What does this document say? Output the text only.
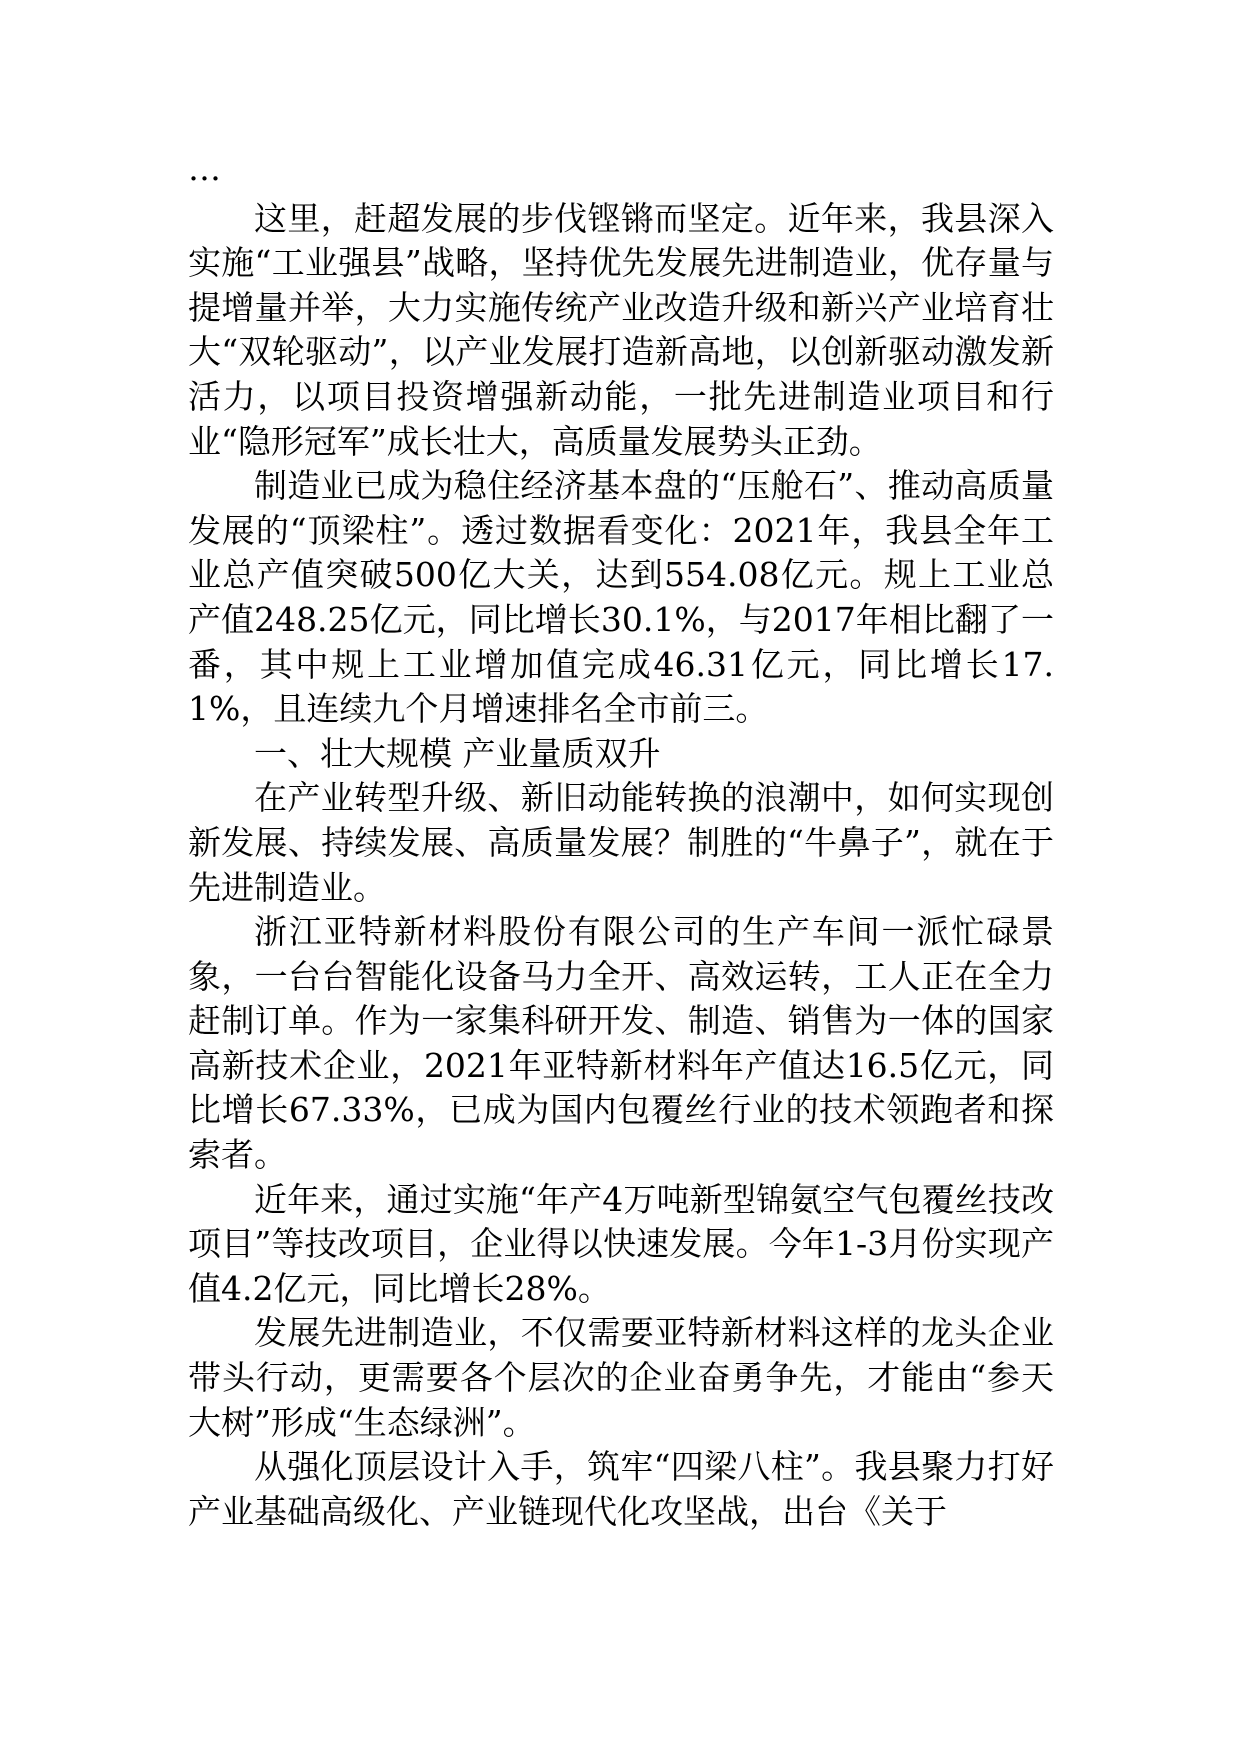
…

这里，赶超发展的步伐铿锵而坚定。近年来，我县深入实施“工业强县”战略，坚持优先发展先进制造业，优存量与提增量并举，大力实施传统产业改造升级和新兴产业培育壮大“双轮驱动”，以产业发展打造新高地，以创新驱动激发新活力，以项目投资增强新动能，一批先进制造业项目和行业“隐形冠军”成长壮大，高质量发展势头正劲。

制造业已成为稳住经济基本盘的“压舱石”、推动高质量发展的“顶梁柱”。透过数据看变化：2021年，我县全年工业总产值突破500亿大关，达到554.08亿元。规上工业总产值248.25亿元，同比增长30.1%，与2017年相比翻了一番，其中规上工业增加值完成46.31亿元，同比增长17.1%，且连续九个月增速排名全市前三。

一、壮大规模 产业量质双升

在产业转型升级、新旧动能转换的浪潮中，如何实现创新发展、持续发展、高质量发展？制胜的“牛鼻子”，就在于先进制造业。

浙江亚特新材料股份有限公司的生产车间一派忙碌景象，一台台智能化设备马力全开、高效运转，工人正在全力赶制订单。作为一家集科研开发、制造、销售为一体的国家高新技术企业，2021年亚特新材料年产值达16.5亿元，同比增长67.33%，已成为国内包覆丝行业的技术领跑者和探索者。

近年来，通过实施“年产4万吨新型锦氨空气包覆丝技改项目”等技改项目，企业得以快速发展。今年1-3月份实现产值4.2亿元，同比增长28%。

发展先进制造业，不仅需要亚特新材料这样的龙头企业带头行动，更需要各个层次的企业奋勇争先，才能由“参天大树”形成“生态绿洲”。

从强化顶层设计入手，筑牢“四梁八柱”。我县聚力打好产业基础高级化、产业链现代化攻坚战，出台《关于
